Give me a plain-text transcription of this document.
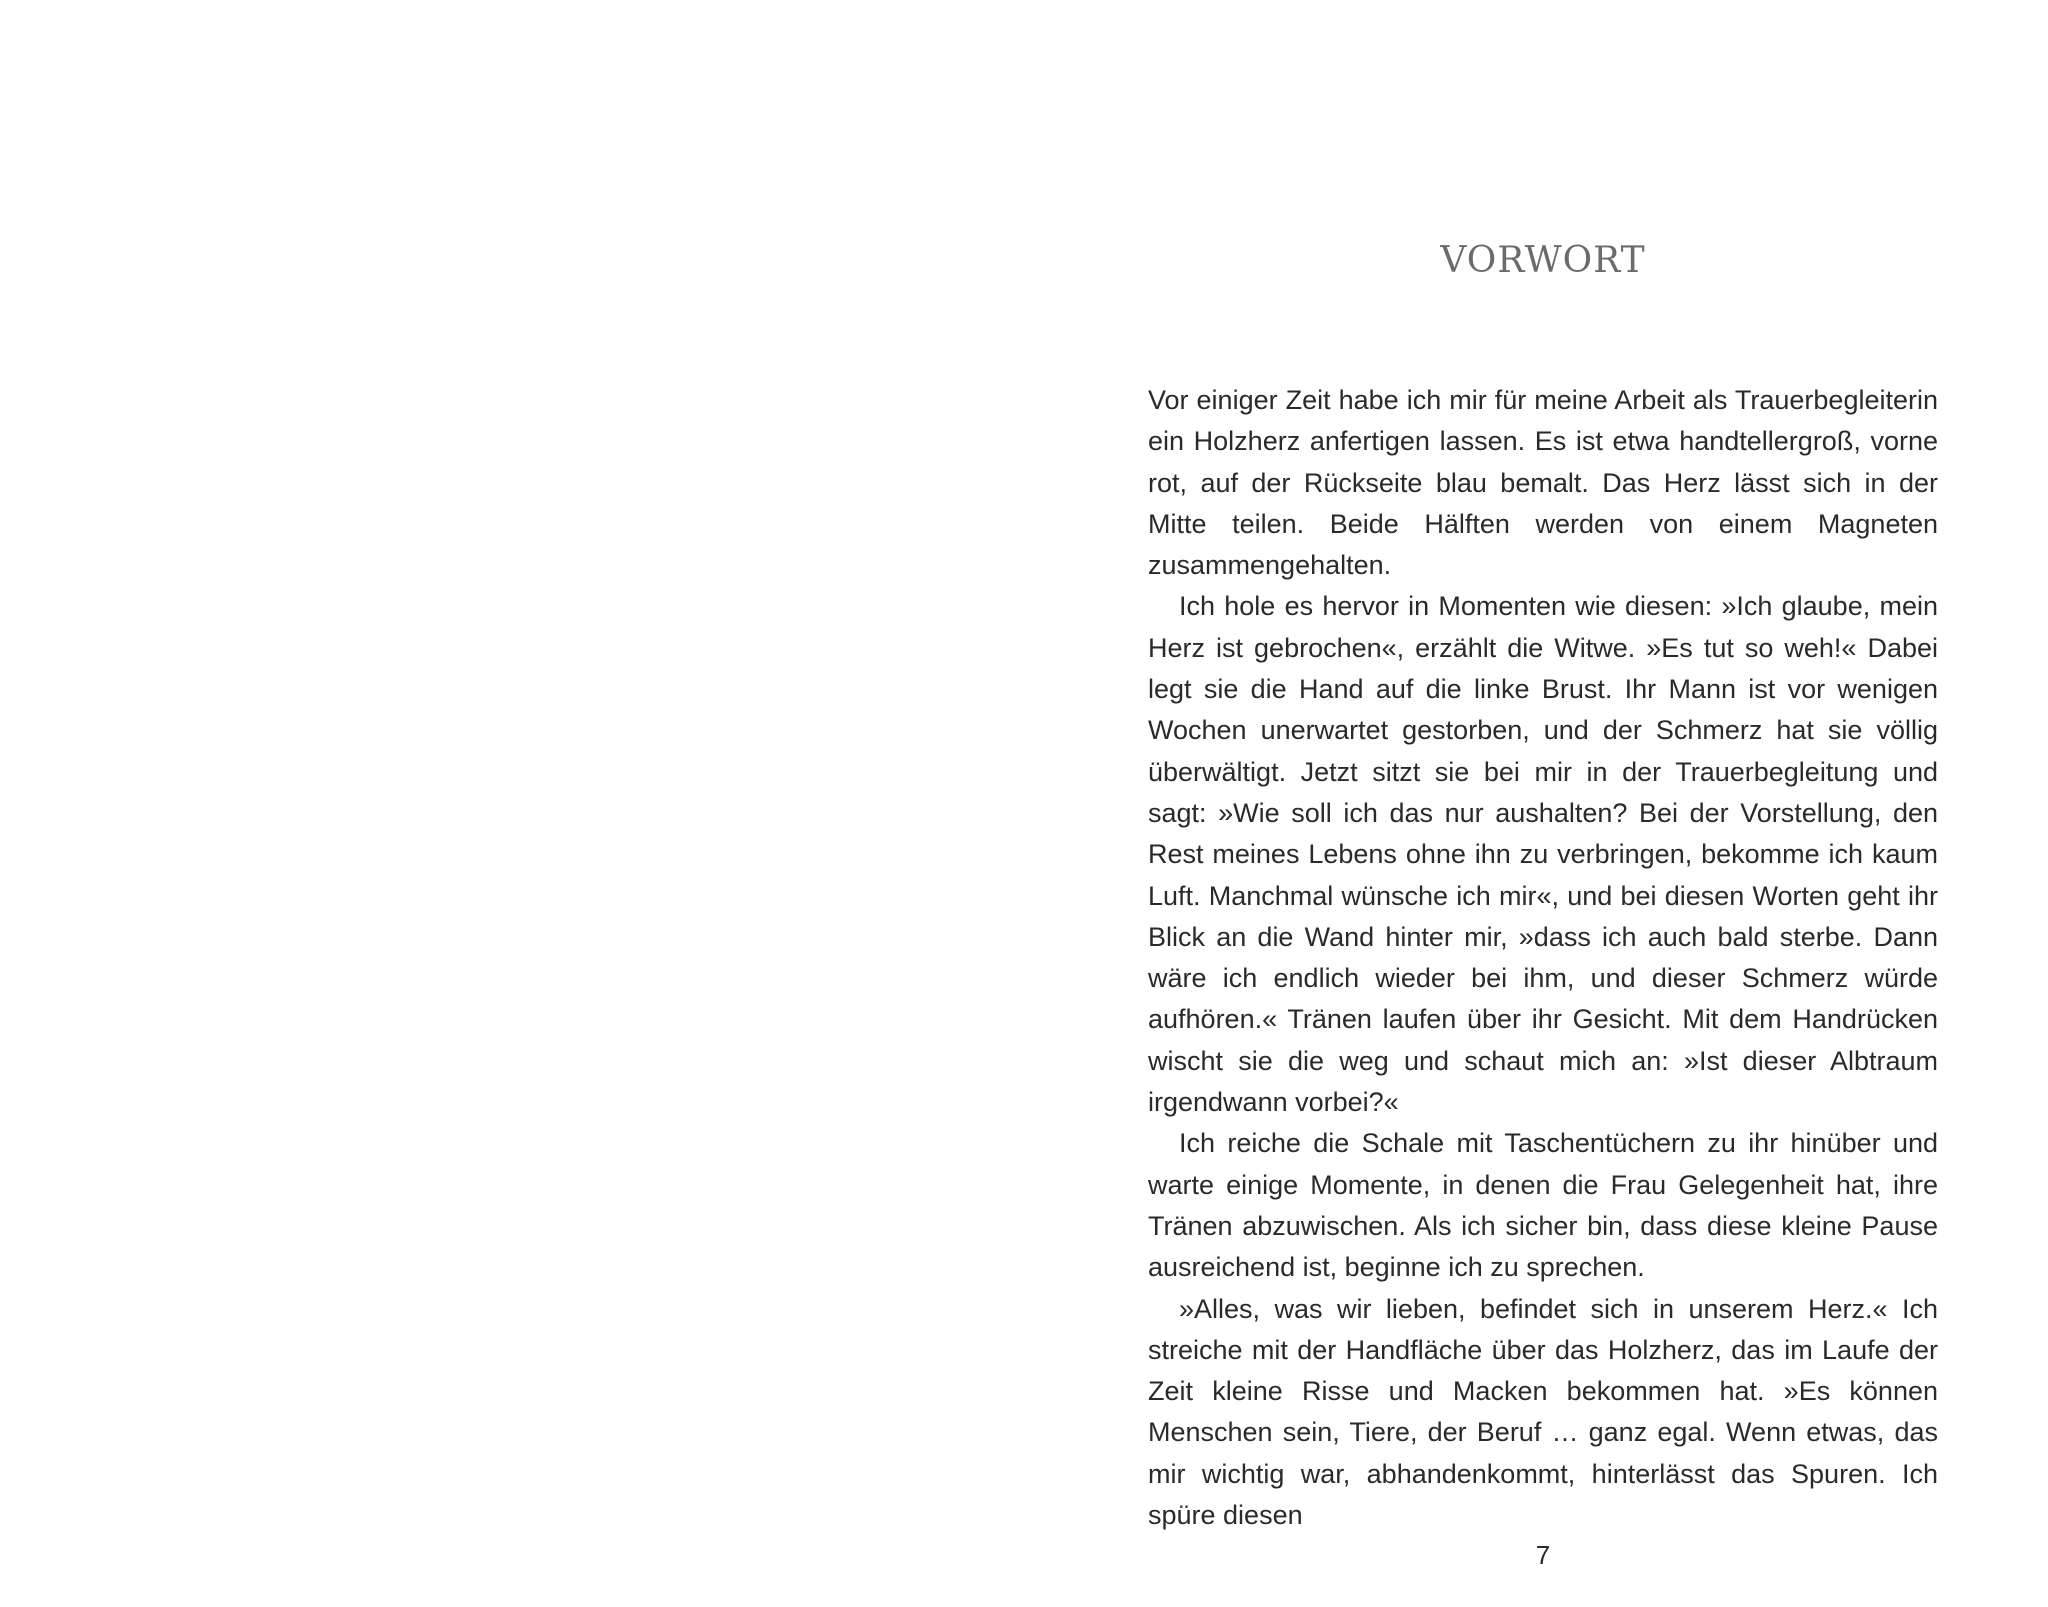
VORWORT

Vor einiger Zeit habe ich mir für meine Arbeit als Trauerbegleiterin ein Holzherz anfertigen lassen. Es ist etwa handtellergroß, vorne rot, auf der Rückseite blau bemalt. Das Herz lässt sich in der Mitte teilen. Beide Hälften werden von einem Magneten zusammengehalten.

Ich hole es hervor in Momenten wie diesen: »Ich glaube, mein Herz ist gebrochen«, erzählt die Witwe. »Es tut so weh!« Dabei legt sie die Hand auf die linke Brust. Ihr Mann ist vor wenigen Wochen unerwartet gestorben, und der Schmerz hat sie völlig überwältigt. Jetzt sitzt sie bei mir in der Trauerbegleitung und sagt: »Wie soll ich das nur aushalten? Bei der Vorstellung, den Rest meines Lebens ohne ihn zu verbringen, bekomme ich kaum Luft. Manchmal wünsche ich mir«, und bei diesen Worten geht ihr Blick an die Wand hinter mir, »dass ich auch bald sterbe. Dann wäre ich endlich wieder bei ihm, und dieser Schmerz würde aufhören.« Tränen laufen über ihr Gesicht. Mit dem Handrücken wischt sie die weg und schaut mich an: »Ist dieser Albtraum irgendwann vorbei?«

Ich reiche die Schale mit Taschentüchern zu ihr hinüber und warte einige Momente, in denen die Frau Gelegenheit hat, ihre Tränen abzuwischen. Als ich sicher bin, dass diese kleine Pause ausreichend ist, beginne ich zu sprechen.

»Alles, was wir lieben, befindet sich in unserem Herz.« Ich streiche mit der Handfläche über das Holzherz, das im Laufe der Zeit kleine Risse und Macken bekommen hat. »Es können Menschen sein, Tiere, der Beruf … ganz egal. Wenn etwas, das mir wichtig war, abhandenkommt, hinterlässt das Spuren. Ich spüre diesen

7
